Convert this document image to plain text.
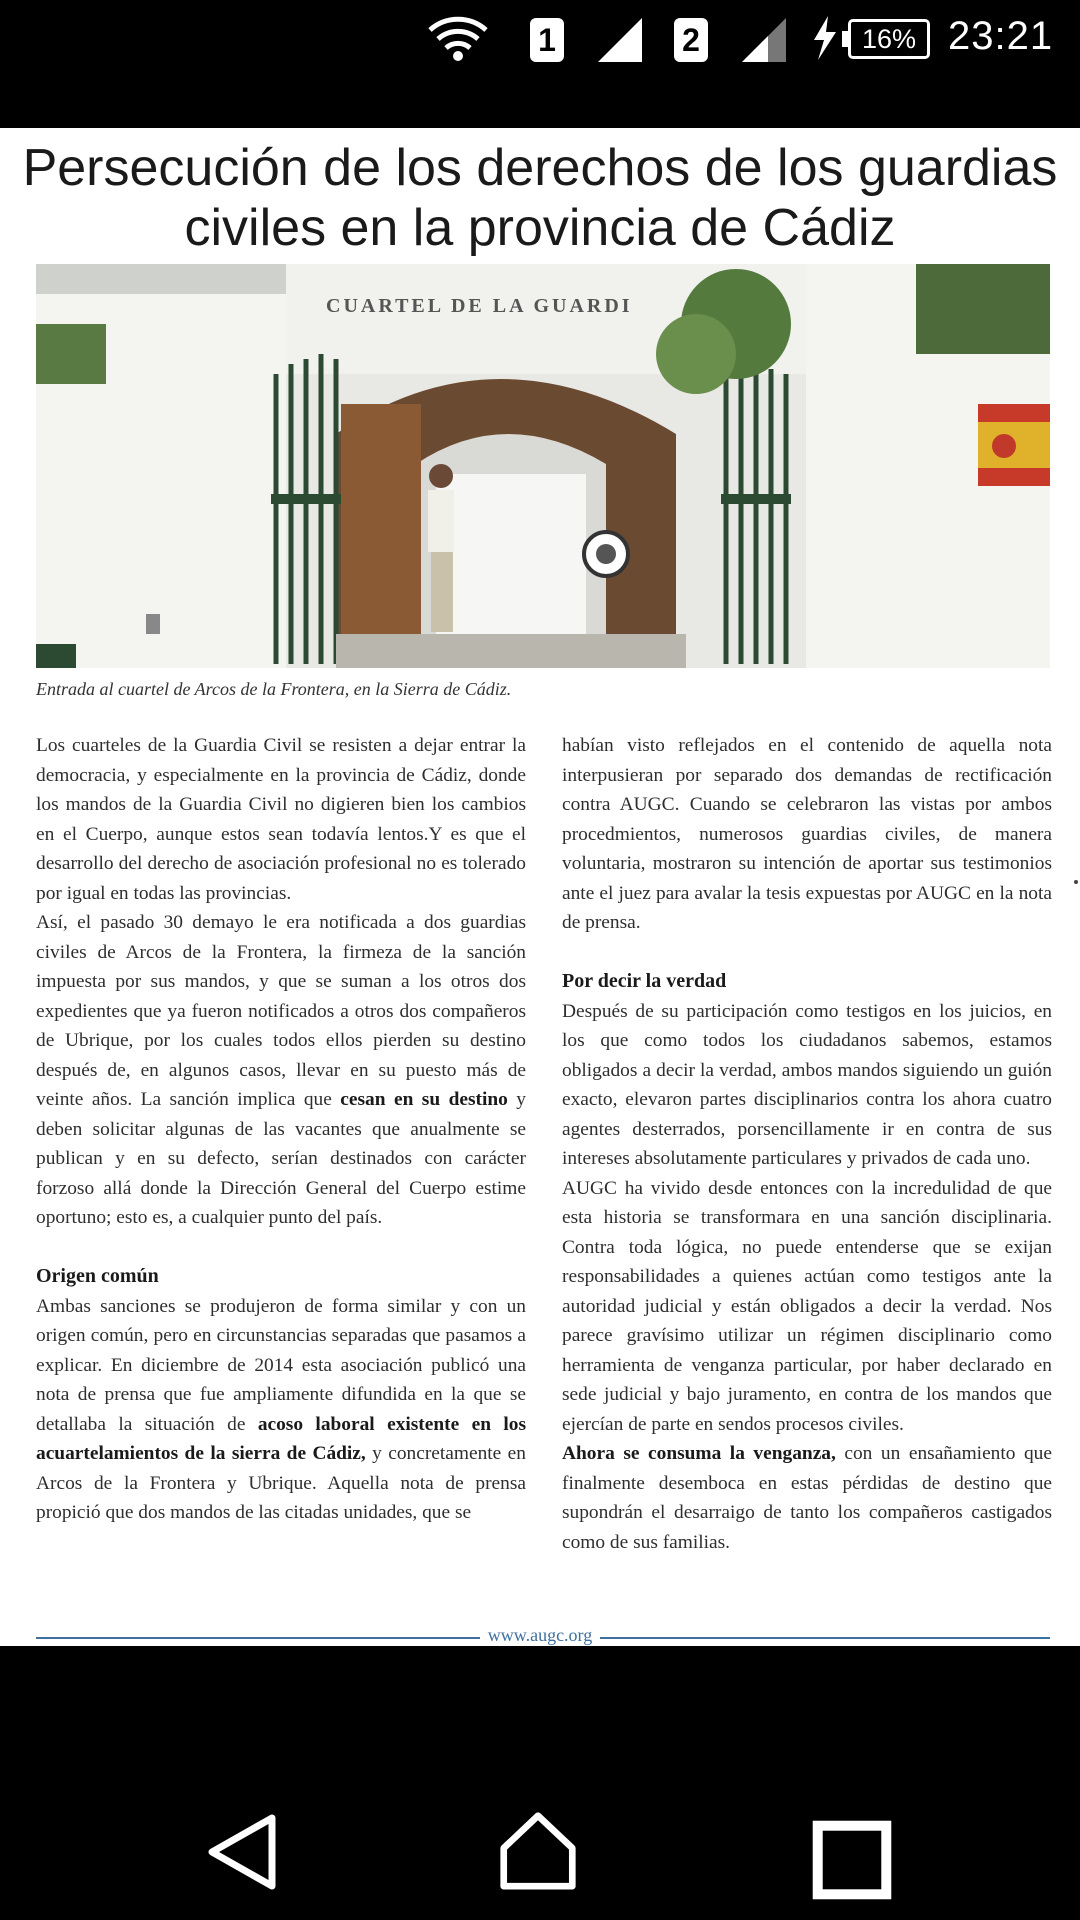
1	2	16% 23:21
Persecución de los derechos de los guardias civiles en la provincia de Cádiz
CUARTEL DE LA GUARDI
Entrada al cuartel de Arcos de la Frontera, en la Sierra de Cádiz.

Los cuarteles de la Guardia Civil se resisten a dejar entrar la democracia, y especialmente en la provincia de Cádiz, donde los mandos de la Guardia Civil no digieren bien los cambios en el Cuerpo, aunque estos sean todavía lentos.Y es que el desarrollo del derecho de asociación profesional no es tolerado por igual en todas las provincias.

Así, el pasado 30 demayo le era notificada a dos guardias civiles de Arcos de la Frontera, la firmeza de la sanción impuesta por sus mandos, y que se suman a los otros dos expedientes que ya fueron notificados a otros dos compañeros de Ubrique, por los cuales todos ellos pierden su destino después de, en algunos casos, llevar en su puesto más de veinte años. La sanción implica que cesan en su destino y deben solicitar algunas de las vacantes que anualmente se publican y en su defecto, serían destinados con carácter forzoso allá donde la Dirección General del Cuerpo estime oportuno; esto es, a cualquier punto del país.

Origen común

Ambas sanciones se produjeron de forma similar y con un origen común, pero en circunstancias separadas que pasamos a explicar. En diciembre de 2014 esta asociación publicó una nota de prensa que fue ampliamente difundida en la que se detallaba la situación de acoso laboral existente en los acuartelamientos de la sierra de Cádiz, y concretamente en Arcos de la Frontera y Ubrique. Aquella nota de prensa propició que dos mandos de las citadas unidades, que se

habían visto reflejados en el contenido de aquella nota interpusieran por separado dos demandas de rectificación contra AUGC. Cuando se celebraron las vistas por ambos procedmientos, numerosos guardias civiles, de manera voluntaria, mostraron su intención de aportar sus testimonios ante el juez para avalar la tesis expuestas por AUGC en la nota de prensa.

Por decir la verdad

Después de su participación como testigos en los juicios, en los que como todos los ciudadanos sabemos, estamos obligados a decir la verdad, ambos mandos siguiendo un guión exacto, elevaron partes disciplinarios contra los ahora cuatro agentes desterrados, porsencillamente ir en contra de sus intereses absolutamente particulares y privados de cada uno.

AUGC ha vivido desde entonces con la incredulidad de que esta historia se transformara en una sanción disciplinaria. Contra toda lógica, no puede entenderse que se exijan responsabilidades a quienes actúan como testigos ante la autoridad judicial y están obligados a decir la verdad. Nos parece gravísimo utilizar un régimen disciplinario como herramienta de venganza particular, por haber declarado en sede judicial y bajo juramento, en contra de los mandos que ejercían de parte en sendos procesos civiles.

Ahora se consuma la venganza, con un ensañamiento que finalmente desemboca en estas pérdidas de destino que supondrán el desarraigo de tanto los compañeros castigados como de sus familias.

www.augc.org
